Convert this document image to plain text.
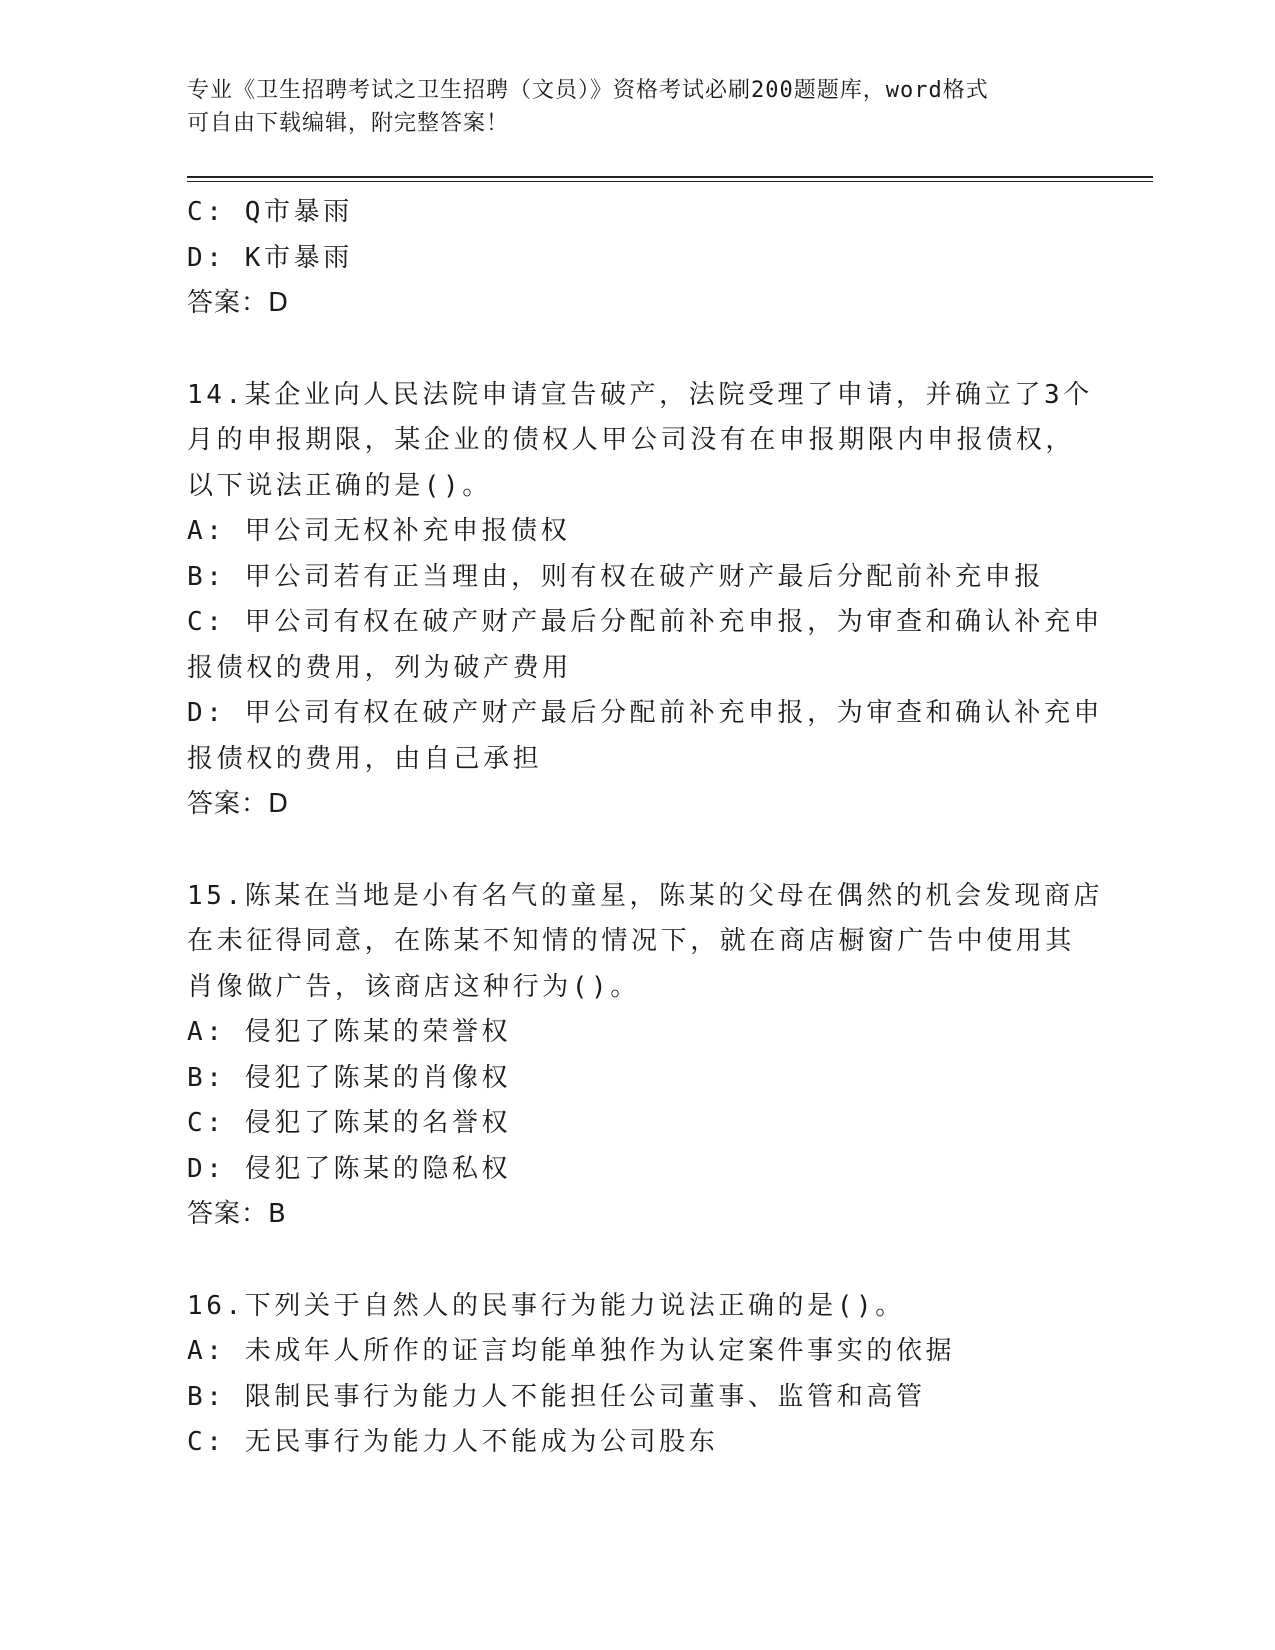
专业《卫生招聘考试之卫生招聘（文员）》资格考试必刷200题题库，word格式
可自由下载编辑，附完整答案！
C: Q市暴雨
D: K市暴雨
答案：D
14.某企业向人民法院申请宣告破产，法院受理了申请，并确立了3个
月的申报期限，某企业的债权人甲公司没有在申报期限内申报债权，
以下说法正确的是()。
A: 甲公司无权补充申报债权
B: 甲公司若有正当理由，则有权在破产财产最后分配前补充申报
C: 甲公司有权在破产财产最后分配前补充申报，为审查和确认补充申
报债权的费用，列为破产费用
D: 甲公司有权在破产财产最后分配前补充申报，为审查和确认补充申
报债权的费用，由自己承担
答案：D
15.陈某在当地是小有名气的童星，陈某的父母在偶然的机会发现商店
在未征得同意，在陈某不知情的情况下，就在商店橱窗广告中使用其
肖像做广告，该商店这种行为()。
A: 侵犯了陈某的荣誉权
B: 侵犯了陈某的肖像权
C: 侵犯了陈某的名誉权
D: 侵犯了陈某的隐私权
答案：B
16.下列关于自然人的民事行为能力说法正确的是()。
A: 未成年人所作的证言均能单独作为认定案件事实的依据
B: 限制民事行为能力人不能担任公司董事、监管和高管
C: 无民事行为能力人不能成为公司股东
